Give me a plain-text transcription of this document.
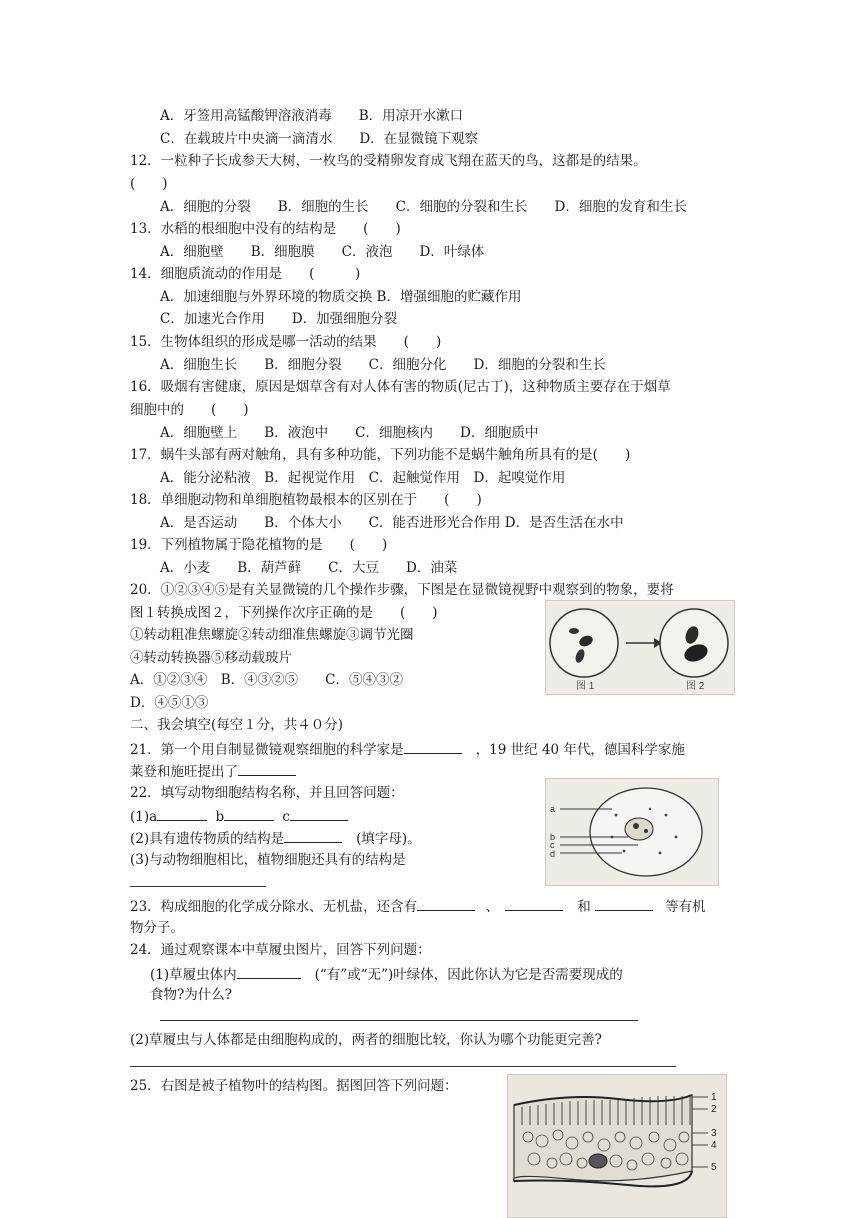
A．牙签用高锰酸钾溶液消毒　　B．用凉开水漱口
C．在载玻片中央滴一滴清水　　D．在显微镜下观察
12．一粒种子长成参天大树，一枚鸟的受精卵发育成飞翔在蓝天的鸟，这都是的结果。
(　　)
A．细胞的分裂　　B．细胞的生长　　C．细胞的分裂和生长　　D．细胞的发育和生长
13．水稻的根细胞中没有的结构是　　(　　)
A．细胞壁　　B．细胞膜　　C．液泡　　D．叶绿体
14．细胞质流动的作用是　　(　　　)
A．加速细胞与外界环境的物质交换 B．增强细胞的贮藏作用
C．加速光合作用　　D．加强细胞分裂
15．生物体组织的形成是哪一活动的结果　　(　　)
A．细胞生长　　B．细胞分裂　　C．细胞分化　　D．细胞的分裂和生长
16．吸烟有害健康，原因是烟草含有对人体有害的物质(尼古丁)，这种物质主要存在于烟草
细胞中的　　(　　)
A．细胞壁上　　B．液泡中　　C．细胞核内　　D．细胞质中
17．蜗牛头部有两对触角，具有多种功能，下列功能不是蜗牛触角所具有的是(　　)
A．能分泌粘液　B．起视觉作用　C．起触觉作用　D．起嗅觉作用
18．单细胞动物和单细胞植物最根本的区别在于　　(　　)
A．是否运动　　B．个体大小　　C．能否进形光合作用 D．是否生活在水中
19．下列植物属于隐花植物的是　　(　　)
A．小麦　　B．葫芦藓　　C．大豆　　D．油菜
20．①②③④⑤是有关显微镜的几个操作步骤，下图是在显微镜视野中观察到的物象，要将
图１转换成图２，下列操作次序正确的是　　(　　)
①转动粗准焦螺旋②转动细准焦螺旋③调节光圈
④转动转换器⑤移动载玻片
A．①②③④　B．④③②⑤　　C．⑤④③②
D．④⑤①③
图 1	图 2
二、我会填空(每空１分，共４０分)
21．第一个用自制显微镜观察细胞的科学家是	，19 世纪 40 年代，德国科学家施
莱登和施旺提出了
22．填写动物细胞结构名称，并且回答问题：
(1)a	b	c
(2)具有遗传物质的结构是	(填字母)。
(3)与动物细胞相比，植物细胞还具有的结构是
a
b
c
d
23．构成细胞的化学成分除水、无机盐，还含有	、	和	等有机
物分子。
24．通过观察课本中草履虫图片，回答下列问题：
(1)草履虫体内	(“有”或“无”)叶绿体，因此你认为它是否需要现成的
食物?为什么?
(2)草履虫与人体都是由细胞构成的，两者的细胞比较，你认为哪个功能更完善?
25．右图是被子植物叶的结构图。据图回答下列问题：
1
2
3
4
5
